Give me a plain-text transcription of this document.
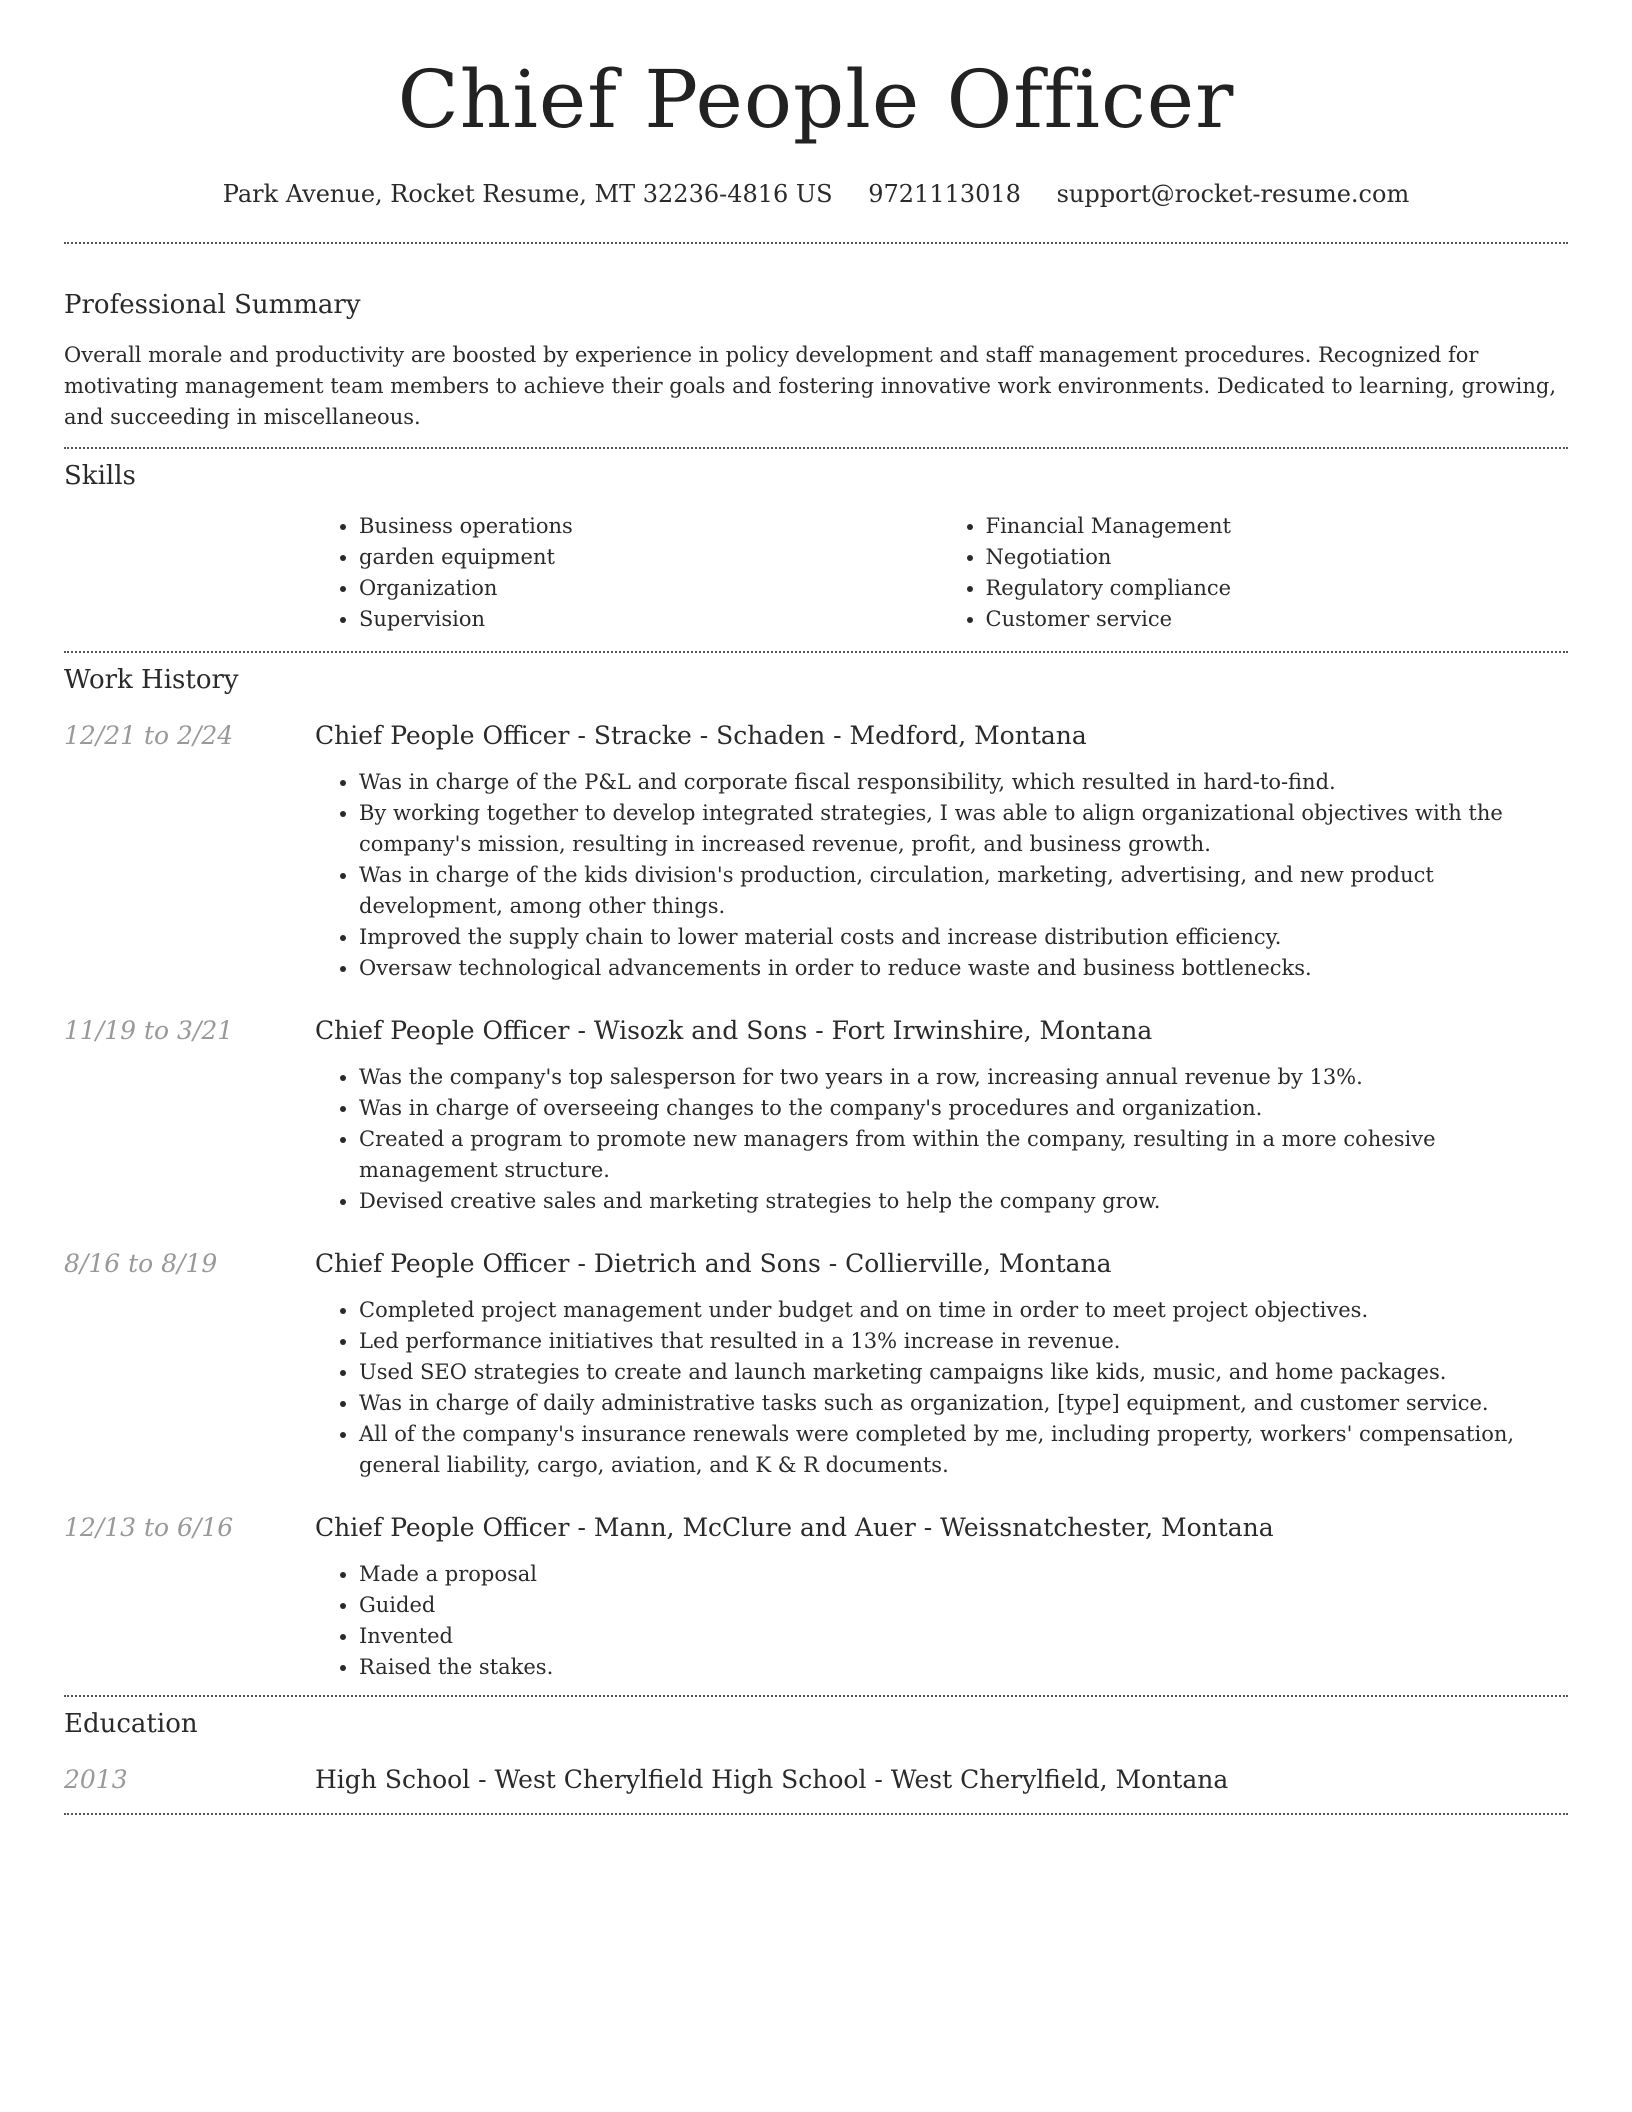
Chief People Officer
Park Avenue, Rocket Resume, MT 32236-4816 US 9721113018 support@rocket-resume.com
Professional Summary

Overall morale and productivity are boosted by experience in policy development and staff management procedures. Recognized for motivating management team members to achieve their goals and fostering innovative work environments. Dedicated to learning, growing, and succeeding in miscellaneous.

Skills
• Business operations
• garden equipment
• Organization
• Supervision
• Financial Management
• Negotiation
• Regulatory compliance
• Customer service
Work History
12/21 to 2/24	Chief People Officer - Stracke - Schaden - Medford, Montana
• Was in charge of the P&L and corporate fiscal responsibility, which resulted in hard-to-find.
• By working together to develop integrated strategies, I was able to align organizational objectives with the company's mission, resulting in increased revenue, profit, and business growth.
• Was in charge of the kids division's production, circulation, marketing, advertising, and new product development, among other things.
• Improved the supply chain to lower material costs and increase distribution efficiency.
• Oversaw technological advancements in order to reduce waste and business bottlenecks.
11/19 to 3/21	Chief People Officer - Wisozk and Sons - Fort Irwinshire, Montana
• Was the company's top salesperson for two years in a row, increasing annual revenue by 13%.
• Was in charge of overseeing changes to the company's procedures and organization.
• Created a program to promote new managers from within the company, resulting in a more cohesive management structure.
• Devised creative sales and marketing strategies to help the company grow.
8/16 to 8/19	Chief People Officer - Dietrich and Sons - Collierville, Montana
• Completed project management under budget and on time in order to meet project objectives.
• Led performance initiatives that resulted in a 13% increase in revenue.
• Used SEO strategies to create and launch marketing campaigns like kids, music, and home packages.
• Was in charge of daily administrative tasks such as organization, [type] equipment, and customer service.
• All of the company's insurance renewals were completed by me, including property, workers' compensation, general liability, cargo, aviation, and K & R documents.
12/13 to 6/16	Chief People Officer - Mann, McClure and Auer - Weissnatchester, Montana
• Made a proposal
• Guided
• Invented
• Raised the stakes.
Education
2013	High School - West Cherylfield High School - West Cherylfield, Montana
